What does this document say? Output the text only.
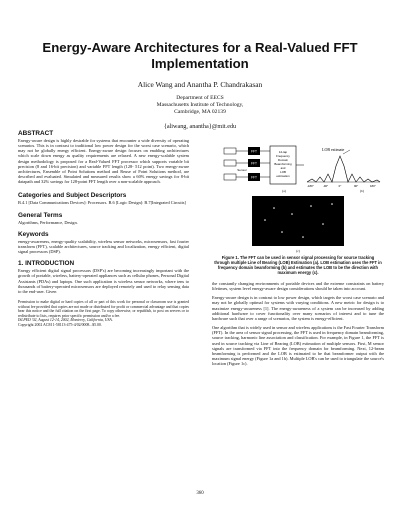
Energy-Aware Architectures for a Real-Valued FFT Implementation
Alice Wang and Anantha P. Chandrakasan
Department of EECS
Massachusetts Institute of Technology,
Cambridge, MA 02139
{aliwang, anantha}@mit.edu
ABSTRACT

Energy-aware design is highly desirable for systems that encounter a wide diversity of operating scenarios. This is in contrast to traditional low power design for the worst case scenario, which may not be globally energy efficient. Energy-aware design focuses on enabling architectures which scale down energy as quality requirements are relaxed. A new energy-scalable system design methodology is proposed for a Real-Valued FFT processor which supports variable bit precision (8 and 16-bit precision) and variable FFT length (128- 512 point). Two energy-aware architectures, Ensemble of Point Solutions method and Reuse of Point Solutions method, are described and evaluated. Simulated and measured results show a 60% energy savings for 8-bit datapath and 32% savings for 128-point FFT length over a non-scalable approach.

Categories and Subject Descriptors

B.4.1 [Data Communications Devices]: Processors. B.6 [Logic Design]: B.7[Integrated Circuits]

General Terms

Algorithms, Performance, Design.

Keywords

energy-awareness, energy-quality scalability, wireless sensor networks, microsensors, fast fourier transform (FFT), scalable architectures, source tracking and localization, energy efficient, digital signal processors (DSP).

1. INTRODUCTION

Energy efficient digital signal processors (DSP's) are becoming increasingly important with the growth of portable, wireless, battery-operated appliances such as cellular phones, Personal Digital Assistants (PDAs) and laptops. One such application is wireless sensor networks, where tens to thousands of battery-operated microsensors are deployed remotely and used to relay sensing data to the end-user. Given

Permission to make digital or hard copies of all or part of this work for personal or classroom use is granted without fee provided that copies are not made or distributed for profit or commercial advantage and that copies bear this notice and the full citation on the first page. To copy otherwise, or republish, to post on servers or to redistribute to lists, requires prior specific permission and/or a fee.

ISLPED '02, August 12-14, 2002, Monterey, California, USA.

Copyright 2002 ACM 1-58113-475-4/02/0008...$5.00.

FFT
FFT
FFT
Sensor
12-tap
Frequency
Domain
Beamforming
and
LOB
estimation
-180°	-90°	0°	90°	180°
LOB estimate
(a)	(b)
(c)
Figure 1. The FFT can be used in sensor signal processing for source tracking through multiple Line of Bearing (LOB) Estimation (a). LOB estimation uses the FFT in frequency domain beamforming (b) and estimates the LOB to be the direction with maximum energy (c).

the constantly changing environments of portable devices and the extreme constraints on battery lifetimes, system level energy-aware design considerations should be taken into account.

Energy-aware design is in contrast to low power design, which targets the worst case scenario and may not be globally optimal for systems with varying conditions. A new metric for design is to maximize energy-awareness [1]. The energy-awareness of a system can be increased by adding additional hardware to cover functionality over many scenarios of interest and to tune the hardware such that over a range of scenarios, the system is energy-efficient.

One algorithm that is widely used in sensor and wireless applications is the Fast Fourier Transform (FFT). In the area of sensor signal processing, the FFT is used in frequency domain beamforming, source tracking, harmonic line association and classification. For example, in Figure 1, the FFT is used in source tracking via Line of Bearing (LOB) estimation of multiple sensors. First, M sensor signals are transformed via FFT into the frequency domain for beamforming. Next, 12-beam beamforming is performed and the LOB is estimated to be that beamformer output with the maximum signal energy (Figure 1a and 1b). Multiple LOB's can be used to triangulate the source's location (Figure 1c).

360
